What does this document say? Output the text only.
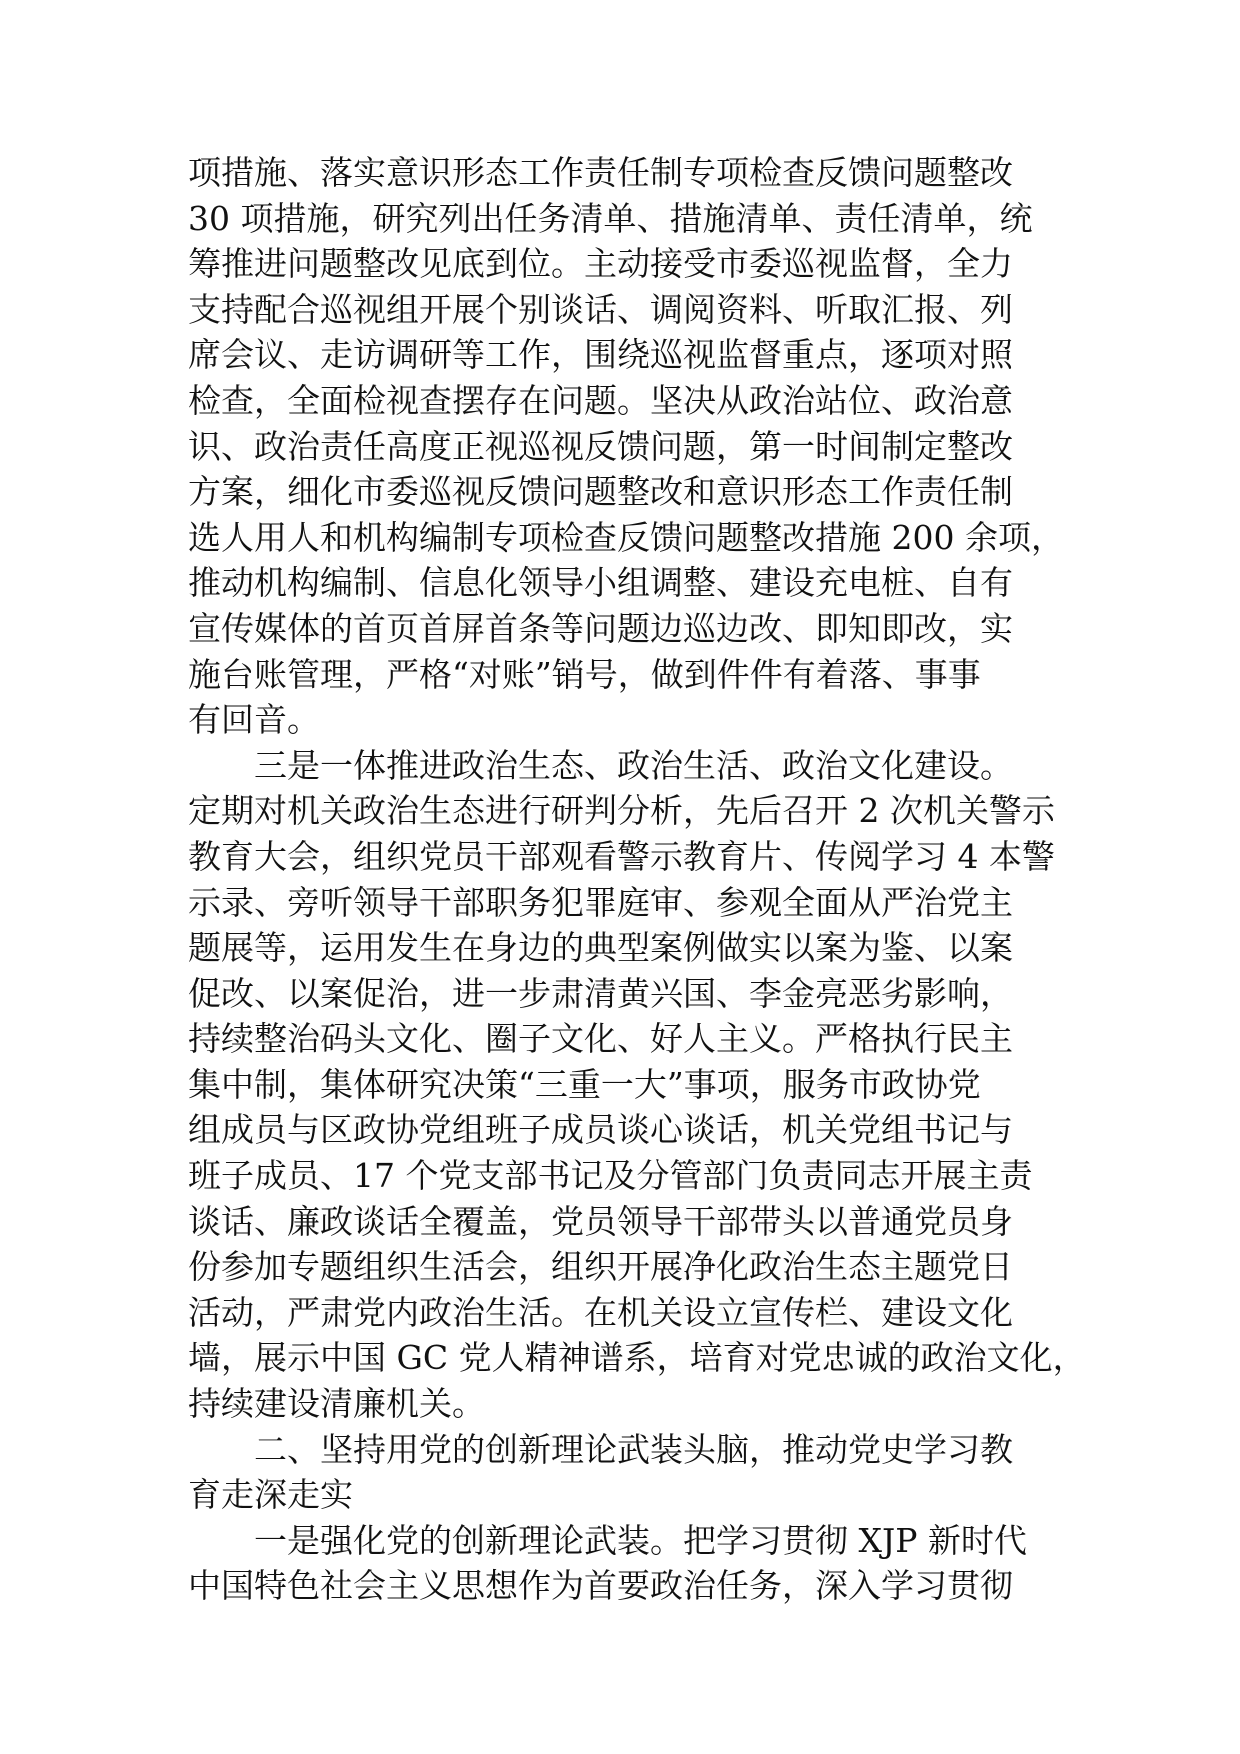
项措施、落实意识形态工作责任制专项检查反馈问题整改
30 项措施，研究列出任务清单、措施清单、责任清单，统
筹推进问题整改见底到位。主动接受市委巡视监督，全力
支持配合巡视组开展个别谈话、调阅资料、听取汇报、列
席会议、走访调研等工作，围绕巡视监督重点，逐项对照
检查，全面检视查摆存在问题。坚决从政治站位、政治意
识、政治责任高度正视巡视反馈问题，第一时间制定整改
方案，细化市委巡视反馈问题整改和意识形态工作责任制
选人用人和机构编制专项检查反馈问题整改措施 200 余项，
推动机构编制、信息化领导小组调整、建设充电桩、自有
宣传媒体的首页首屏首条等问题边巡边改、即知即改，实
施台账管理，严格“对账”销号，做到件件有着落、事事
有回音。
三是一体推进政治生态、政治生活、政治文化建设。
定期对机关政治生态进行研判分析，先后召开 2 次机关警示
教育大会，组织党员干部观看警示教育片、传阅学习 4 本警
示录、旁听领导干部职务犯罪庭审、参观全面从严治党主
题展等，运用发生在身边的典型案例做实以案为鉴、以案
促改、以案促治，进一步肃清黄兴国、李金亮恶劣影响，
持续整治码头文化、圈子文化、好人主义。严格执行民主
集中制，集体研究决策“三重一大”事项，服务市政协党
组成员与区政协党组班子成员谈心谈话，机关党组书记与
班子成员、17 个党支部书记及分管部门负责同志开展主责
谈话、廉政谈话全覆盖，党员领导干部带头以普通党员身
份参加专题组织生活会，组织开展净化政治生态主题党日
活动，严肃党内政治生活。在机关设立宣传栏、建设文化
墙，展示中国 GC 党人精神谱系，培育对党忠诚的政治文化，
持续建设清廉机关。
二、坚持用党的创新理论武装头脑，推动党史学习教
育走深走实
一是强化党的创新理论武装。把学习贯彻 XJP 新时代
中国特色社会主义思想作为首要政治任务，深入学习贯彻
